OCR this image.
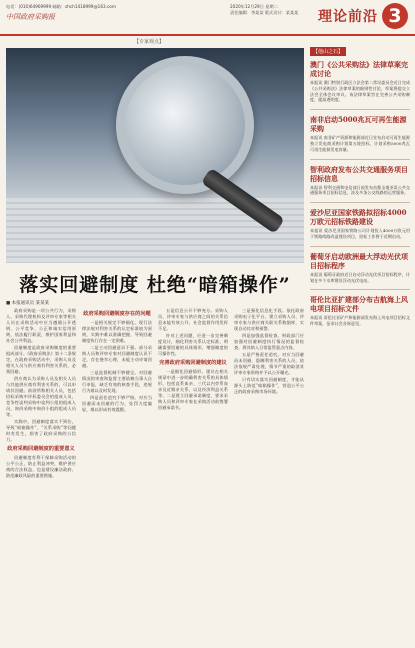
电话：(010)64969999 邮箱：shch1418999@163.com
中国政府采购报
2020年12月29日 星期二
责任编辑：李某某 版式设计：某某某 理论前沿 3
【专家观点】
落实回避制度 杜绝“暗箱操作”
■ 本报通讯员 某某某

政府采购是一项公共行为，采购人、采购代理机构及评审专家等相关人员在采购活动中应当遵循公开透明、公平竞争、公正和诚实信用原则，依法履行职责，维护国家利益和社会公共利益。

回避制度是政府采购制度的重要组成部分。《政府采购法》第十二条规定，在政府采购活动中，采购人员及相关人员与供应商有利害关系的，必须回避。

供应商认为采购人员及相关人员与其他供应商有利害关系的，可以申请其回避。前款所称相关人员，包括招标采购中评标委员会的组成人员，竞争性谈判采购中谈判小组的组成人员，询价采购中询价小组的组成人员等。

实践中，回避制度落实不到位，导致“暗箱操作”、“关系采购”等问题时有发生，损害了政府采购的公信力。

政府采购回避制度的重要意义

回避制度有利于保障采购活动的公平公正，防止利益冲突，维护供应商的合法权益，也是建设廉洁政府、防范廉政风险的重要措施。

政府采购回避制度存在的问题

一是相关规定不够细化。现行法律法规对利害关系的认定标准较为原则，实践中难以准确把握，导致回避制度执行存在一定困难。

二是主动回避意识不强。部分采购人员和评审专家对回避制度认识不足，存在侥幸心理，未能主动申请回避。

三是监督机制不够健全。对回避情况的审查和监督主要依赖当事人自行申报，缺乏有效的核查手段，违规行为难以及时发现。

四是责任追究不够严格。对应当回避而未回避的行为，处罚力度偏轻，难以形成有效震慑。

五是信息公开不够充分。采购人员、评审专家与供应商之间的关系信息未能有效公开，社会监督作用发挥不足。

针对上述问题，应进一步完善制度设计，细化利害关系认定标准，明确需要回避的具体情形，增强制度的可操作性。

完善政府采购回避制度的建议

一是细化回避情形。建议在相关规章中进一步明确利害关系的具体情形，包括直系血亲、三代以内旁系血亲及近姻亲关系，以及经济利益关系等。二是建立回避承诺制度，要求采购人员和评审专家在采购活动前签署回避承诺书。

三是强化信息化手段。依托政府采购电子化平台，建立采购人员、评审专家与供应商关联关系数据库，实现自动比对和预警。

四是加强监督检查。财政部门应加强对回避制度执行情况的监督检查，将其纳入日常监管重点内容。

五是严格责任追究。对应当回避而未回避、隐瞒利害关系的人员，依法依规严肃处理，情节严重的取消其评审专家资格并予以公开曝光。

只有切实落实回避制度，才能从源头上防范“暗箱操作”，营造公平公正的政府采购市场环境。

【他山之石】
澳门《公共采购法》法律草案完成讨论
本报讯 澳门特别行政区立法会第二常设委员会近日完成《公共采购法》法律草案的细则性讨论，草案将提交立法会全体会议审议。该法律草案旨在完善公共采购制度，提高透明度。
南非启动5000兆瓦可再生能源采购
本报讯 南非矿产资源和能源部近日宣布启动可再生能源独立发电商采购计划第五轮招标，计划采购5000兆瓦可再生能源发电容量。
智利政府发布公共交通服务项目招标信息
本报讯 智利交通和电信部日前发布首都圣地亚哥公共交通服务项目招标信息，涉及多条公交线路的运营服务。
爱沙尼亚国家铁路拟招标4000万欧元招标铁路建设
本报讯 爱沙尼亚国家铁路公司计划投入4000万欧元用于铁路线路改造建设项目，招标工作将于近期启动。
葡萄牙启动欧洲最大浮动光伏项目招标程序
本报讯 葡萄牙政府近日启动浮动光伏项目招标程序，计划在多个水库建设浮动光伏电站。
哥伦比亚扩建部分布吉航海上风电项目招标文件
本报讯 哥伦比亚矿产和能源部发布海上风电项目招标文件草案，征求社会各界意见。
